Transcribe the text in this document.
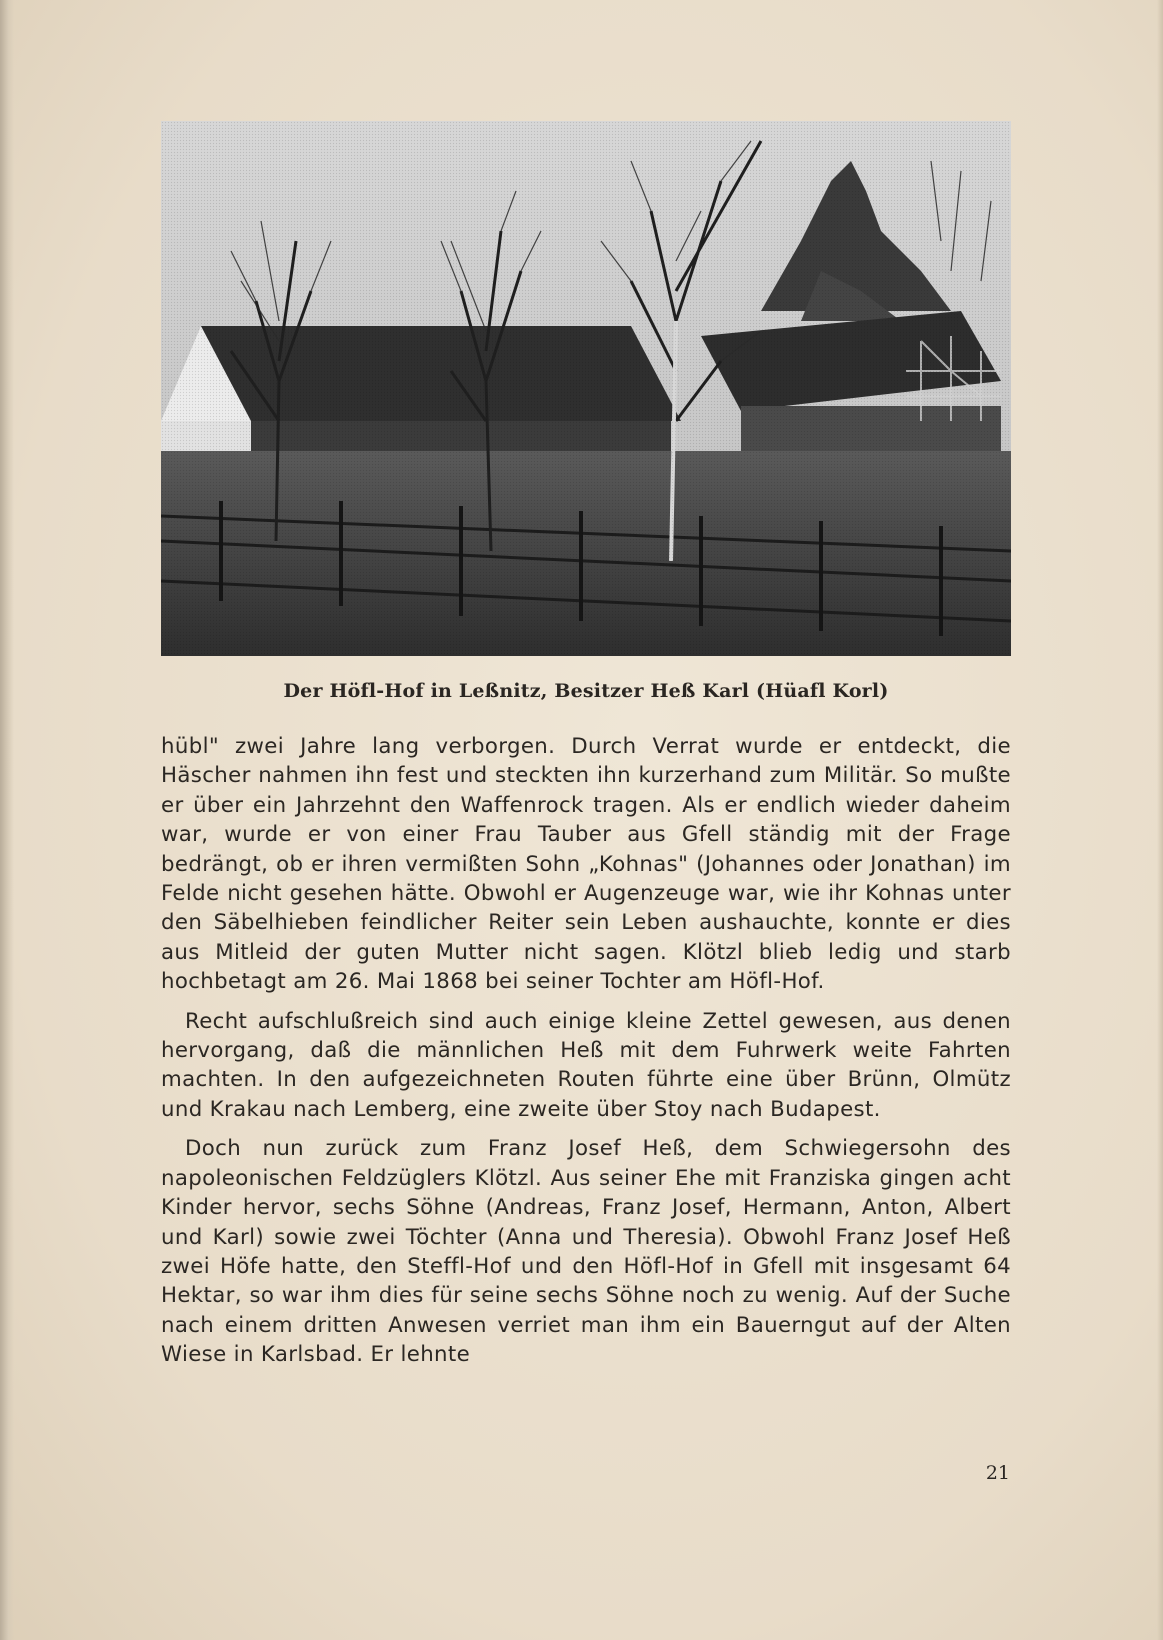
Der Höfl-Hof in Leßnitz, Besitzer Heß Karl (Hüafl Korl)

hübl" zwei Jahre lang verborgen. Durch Verrat wurde er entdeckt, die Häscher nahmen ihn fest und steckten ihn kurzerhand zum Militär. So mußte er über ein Jahrzehnt den Waffenrock tragen. Als er endlich wieder daheim war, wurde er von einer Frau Tauber aus Gfell ständig mit der Frage bedrängt, ob er ihren vermißten Sohn „Kohnas" (Johannes oder Jonathan) im Felde nicht gesehen hätte. Obwohl er Augenzeuge war, wie ihr Kohnas unter den Säbelhieben feindlicher Reiter sein Leben aushauchte, konnte er dies aus Mitleid der guten Mutter nicht sagen. Klötzl blieb ledig und starb hochbetagt am 26. Mai 1868 bei seiner Tochter am Höfl-Hof.

Recht aufschlußreich sind auch einige kleine Zettel gewesen, aus denen hervorgang, daß die männlichen Heß mit dem Fuhrwerk weite Fahrten machten. In den aufgezeichneten Routen führte eine über Brünn, Olmütz und Krakau nach Lemberg, eine zweite über Stoy nach Budapest.

Doch nun zurück zum Franz Josef Heß, dem Schwiegersohn des napoleonischen Feldzüglers Klötzl. Aus seiner Ehe mit Franziska gingen acht Kinder hervor, sechs Söhne (Andreas, Franz Josef, Hermann, Anton, Albert und Karl) sowie zwei Töchter (Anna und Theresia). Obwohl Franz Josef Heß zwei Höfe hatte, den Steffl-Hof und den Höfl-Hof in Gfell mit insgesamt 64 Hektar, so war ihm dies für seine sechs Söhne noch zu wenig. Auf der Suche nach einem dritten Anwesen verriet man ihm ein Bauerngut auf der Alten Wiese in Karlsbad. Er lehnte

21
